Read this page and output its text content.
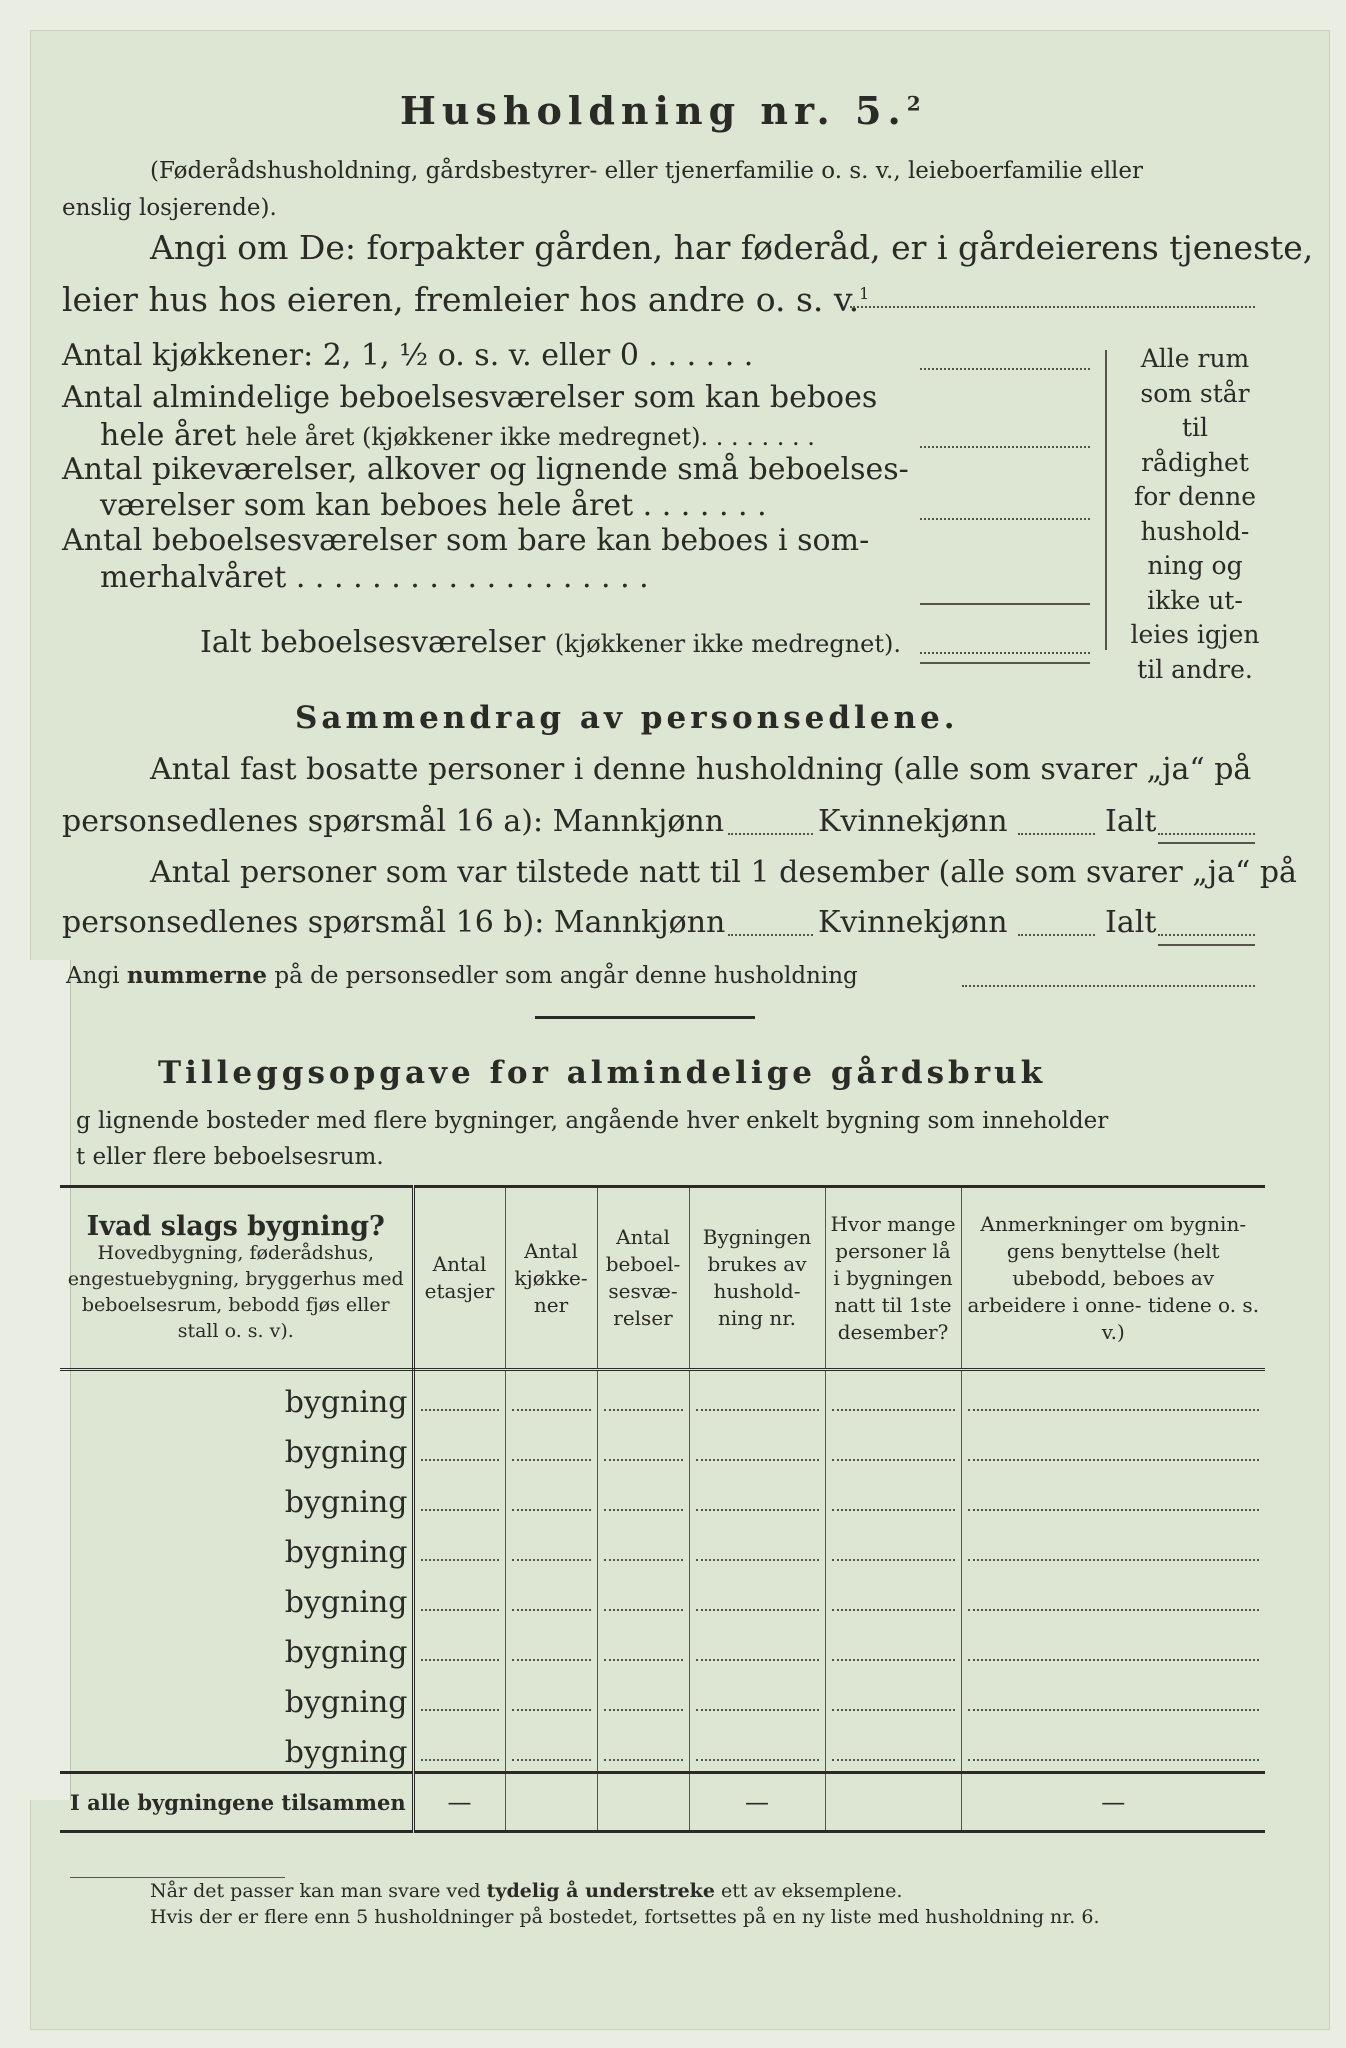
Husholdning nr. 5.$^2$
(Føderådshusholdning, gårdsbestyrer- eller tjenerfamilie o. s. v., leieboerfamilie eller
enslig losjerende).
Angi om De: forpakter gården, har føderåd, er i gårdeierens tjeneste,
leier hus hos eieren, fremleier hos andre o. s. v.$^1$
Antal kjøkkener: 2, 1, ½ o. s. v. eller 0 . . . . . .
Antal almindelige beboelsesværelser som kan beboes
hele året hele året (kjøkkener ikke medregnet). . . . . . . .
Antal pikeværelser, alkover og lignende små beboelses-
værelser som kan beboes hele året . . . . . . .
Antal beboelsesværelser som bare kan beboes i som-
merhalvåret . . . . . . . . . . . . . . . . . . .
Ialt beboelsesværelser (kjøkkener ikke medregnet).
Alle rum som står til rådighet for denne hushold- ning og ikke ut- leies igjen til andre.
Sammendrag av personsedlene.
Antal fast bosatte personer i denne husholdning (alle som svarer „ja“ på
personsedlenes spørsmål 16 a): Mannkjønn	Kvinnekjønn	Ialt
Antal personer som var tilstede natt til 1 desember (alle som svarer „ja“ på
personsedlenes spørsmål 16 b): Mannkjønn	Kvinnekjønn	Ialt
Angi nummerne på de personsedler som angår denne husholdning
Tilleggsopgave for almindelige gårdsbruk
g lignende bosteder med flere bygninger, angående hver enkelt bygning som inneholder
t eller flere beboelsesrum.
Ivad slags bygning?
Hovedbygning, føderådshus, engestuebygning, bryggerhus med beboelsesrum, bebodd fjøs eller stall o. s. v).	Antal etasjer	Antal kjøkke- ner	Antal beboel- sesvæ- relser	Bygningen brukes av hushold- ning nr.	Hvor mange personer lå i bygningen natt til 1ste desember?	Anmerkninger om bygnin- gens benyttelse (helt ubebodd, beboes av arbeidere i onne- tidene o. s. v.)
bygning	

bygning	

bygning	

bygning	

bygning	

bygning	

bygning	

bygning	

I alle bygningene tilsammen	—			—		—
Når det passer kan man svare ved tydelig å understreke ett av eksemplene.
Hvis der er flere enn 5 husholdninger på bostedet, fortsettes på en ny liste med husholdning nr. 6.
